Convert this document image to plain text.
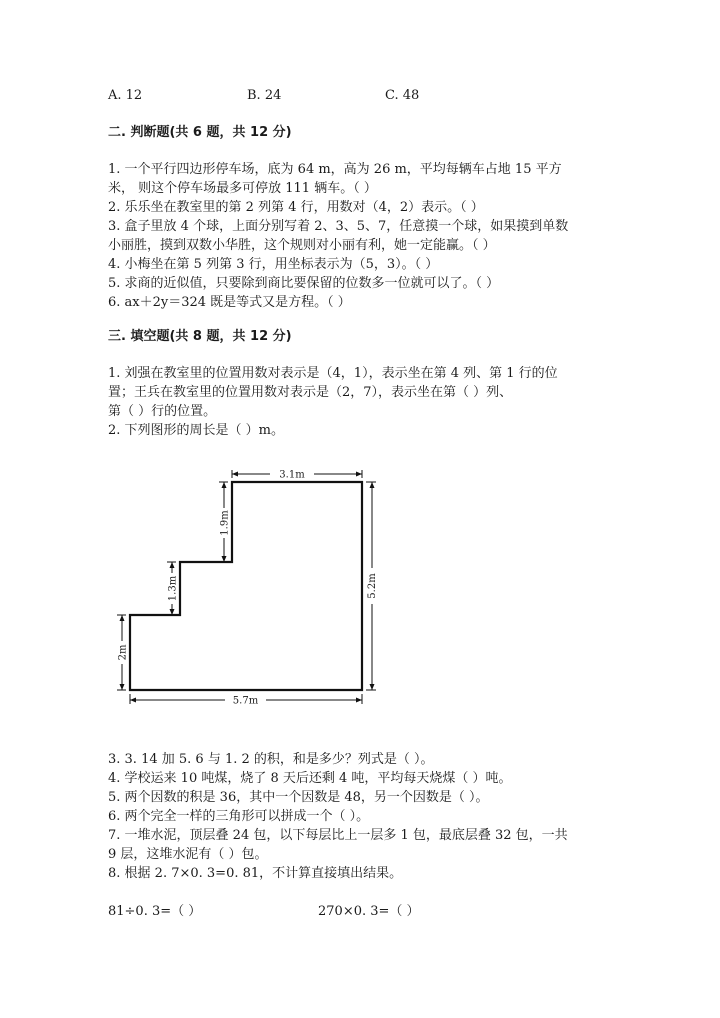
A. 12	B. 24	C. 48
二. 判断题(共 6 题，共 12 分)
1. 一个平行四边形停车场，底为 64 m，高为 26 m，平均每辆车占地 15 平方
米， 则这个停车场最多可停放 111 辆车。（ ）
2. 乐乐坐在教室里的第 2 列第 4 行，用数对（4，2）表示。（ ）
3. 盒子里放 4 个球，上面分别写着 2、3、5、7，任意摸一个球，如果摸到单数
小丽胜，摸到双数小华胜，这个规则对小丽有利，她一定能赢。（ ）
4. 小梅坐在第 5 列第 3 行，用坐标表示为（5，3）。（ ）
5. 求商的近似值，只要除到商比要保留的位数多一位就可以了。（ ）
6. ax＋2y＝324 既是等式又是方程。（ ）
三. 填空题(共 8 题，共 12 分)
1. 刘强在教室里的位置用数对表示是（4，1），表示坐在第 4 列、第 1 行的位
置；王兵在教室里的位置用数对表示是（2，7），表示坐在第（ ）列、
第（ ）行的位置。
2. 下列图形的周长是（ ）m。
3.1m
5.2m
1.9m
1.3m
2m
5.7m
3. 3. 14 加 5. 6 与 1. 2 的积，和是多少？列式是（ ）。
4. 学校运来 10 吨煤，烧了 8 天后还剩 4 吨，平均每天烧煤（ ）吨。
5. 两个因数的积是 36，其中一个因数是 48，另一个因数是（ ）。
6. 两个完全一样的三角形可以拼成一个（ ）。
7. 一堆水泥，顶层叠 24 包，以下每层比上一层多 1 包，最底层叠 32 包，一共
9 层，这堆水泥有（ ）包。
8. 根据 2. 7×0. 3=0. 81，不计算直接填出结果。
81÷0. 3=（ ）	270×0. 3=（ ）
